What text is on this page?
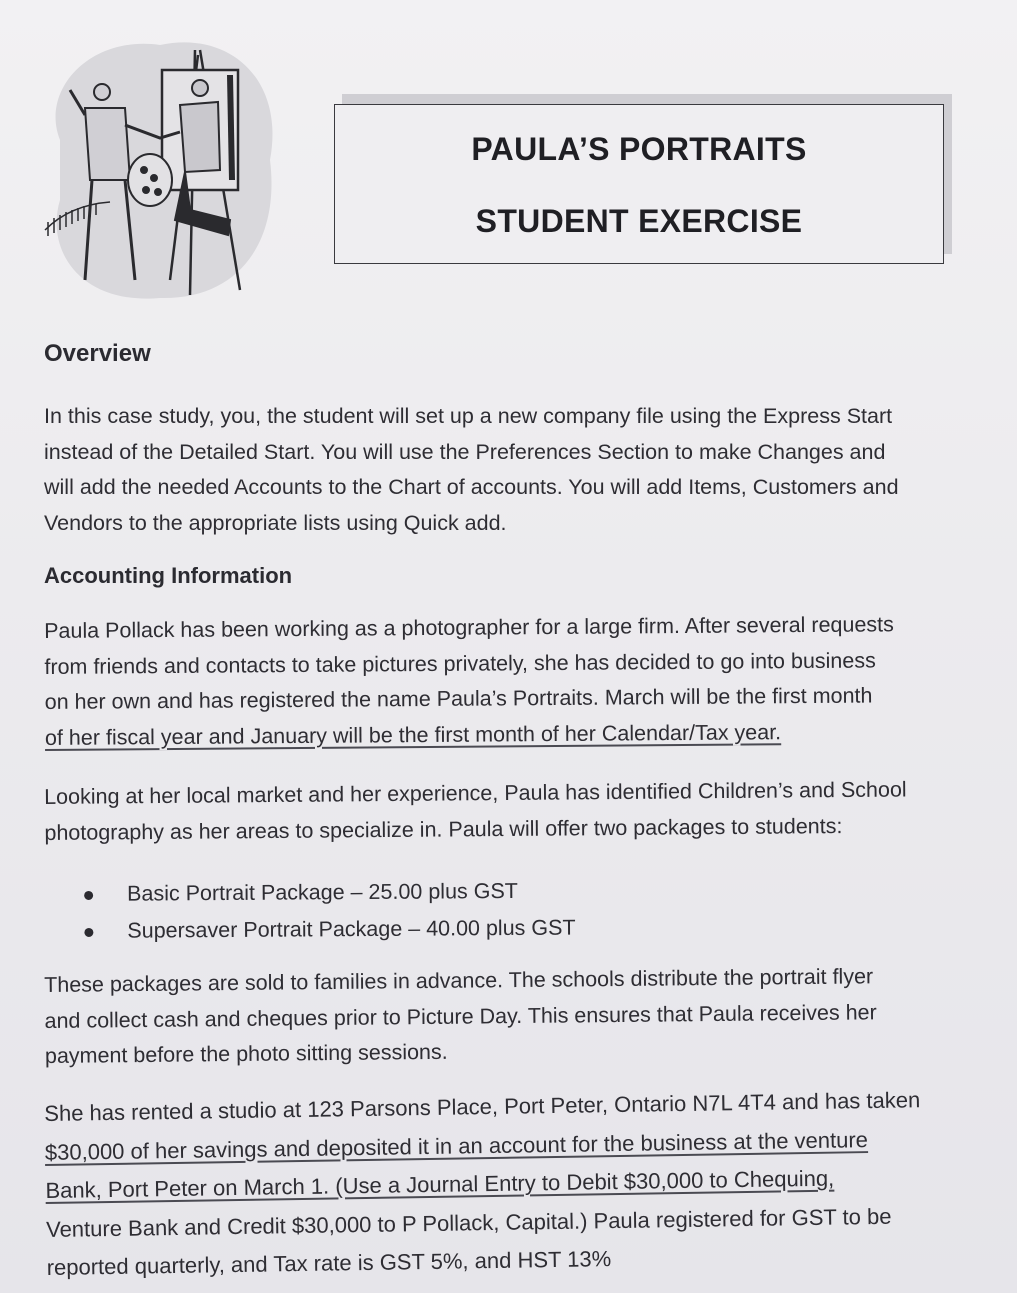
PAULA’S PORTRAITS
STUDENT EXERCISE
Overview

In this case study, you, the student will set up a new company file using the Express Start
instead of the Detailed Start. You will use the Preferences Section to make Changes and
will add the needed Accounts to the Chart of accounts. You will add Items, Customers and
Vendors to the appropriate lists using Quick add.

Accounting Information

Paula Pollack has been working as a photographer for a large firm. After several requests
from friends and contacts to take pictures privately, she has decided to go into business
on her own and has registered the name Paula’s Portraits. March will be the first month
of her fiscal year and January will be the first month of her Calendar/Tax year.

Looking at her local market and her experience, Paula has identified Children’s and School
photography as her areas to specialize in. Paula will offer two packages to students:

Basic Portrait Package – 25.00 plus GST
Supersaver Portrait Package – 40.00 plus GST

These packages are sold to families in advance. The schools distribute the portrait flyer
and collect cash and cheques prior to Picture Day. This ensures that Paula receives her
payment before the photo sitting sessions.

She has rented a studio at 123 Parsons Place, Port Peter, Ontario N7L 4T4 and has taken
$30,000 of her savings and deposited it in an account for the business at the venture
Bank, Port Peter on March 1. (Use a Journal Entry to Debit $30,000 to Chequing,
Venture Bank and Credit $30,000 to P Pollack, Capital.) Paula registered for GST to be
reported quarterly, and Tax rate is GST 5%, and HST 13%
